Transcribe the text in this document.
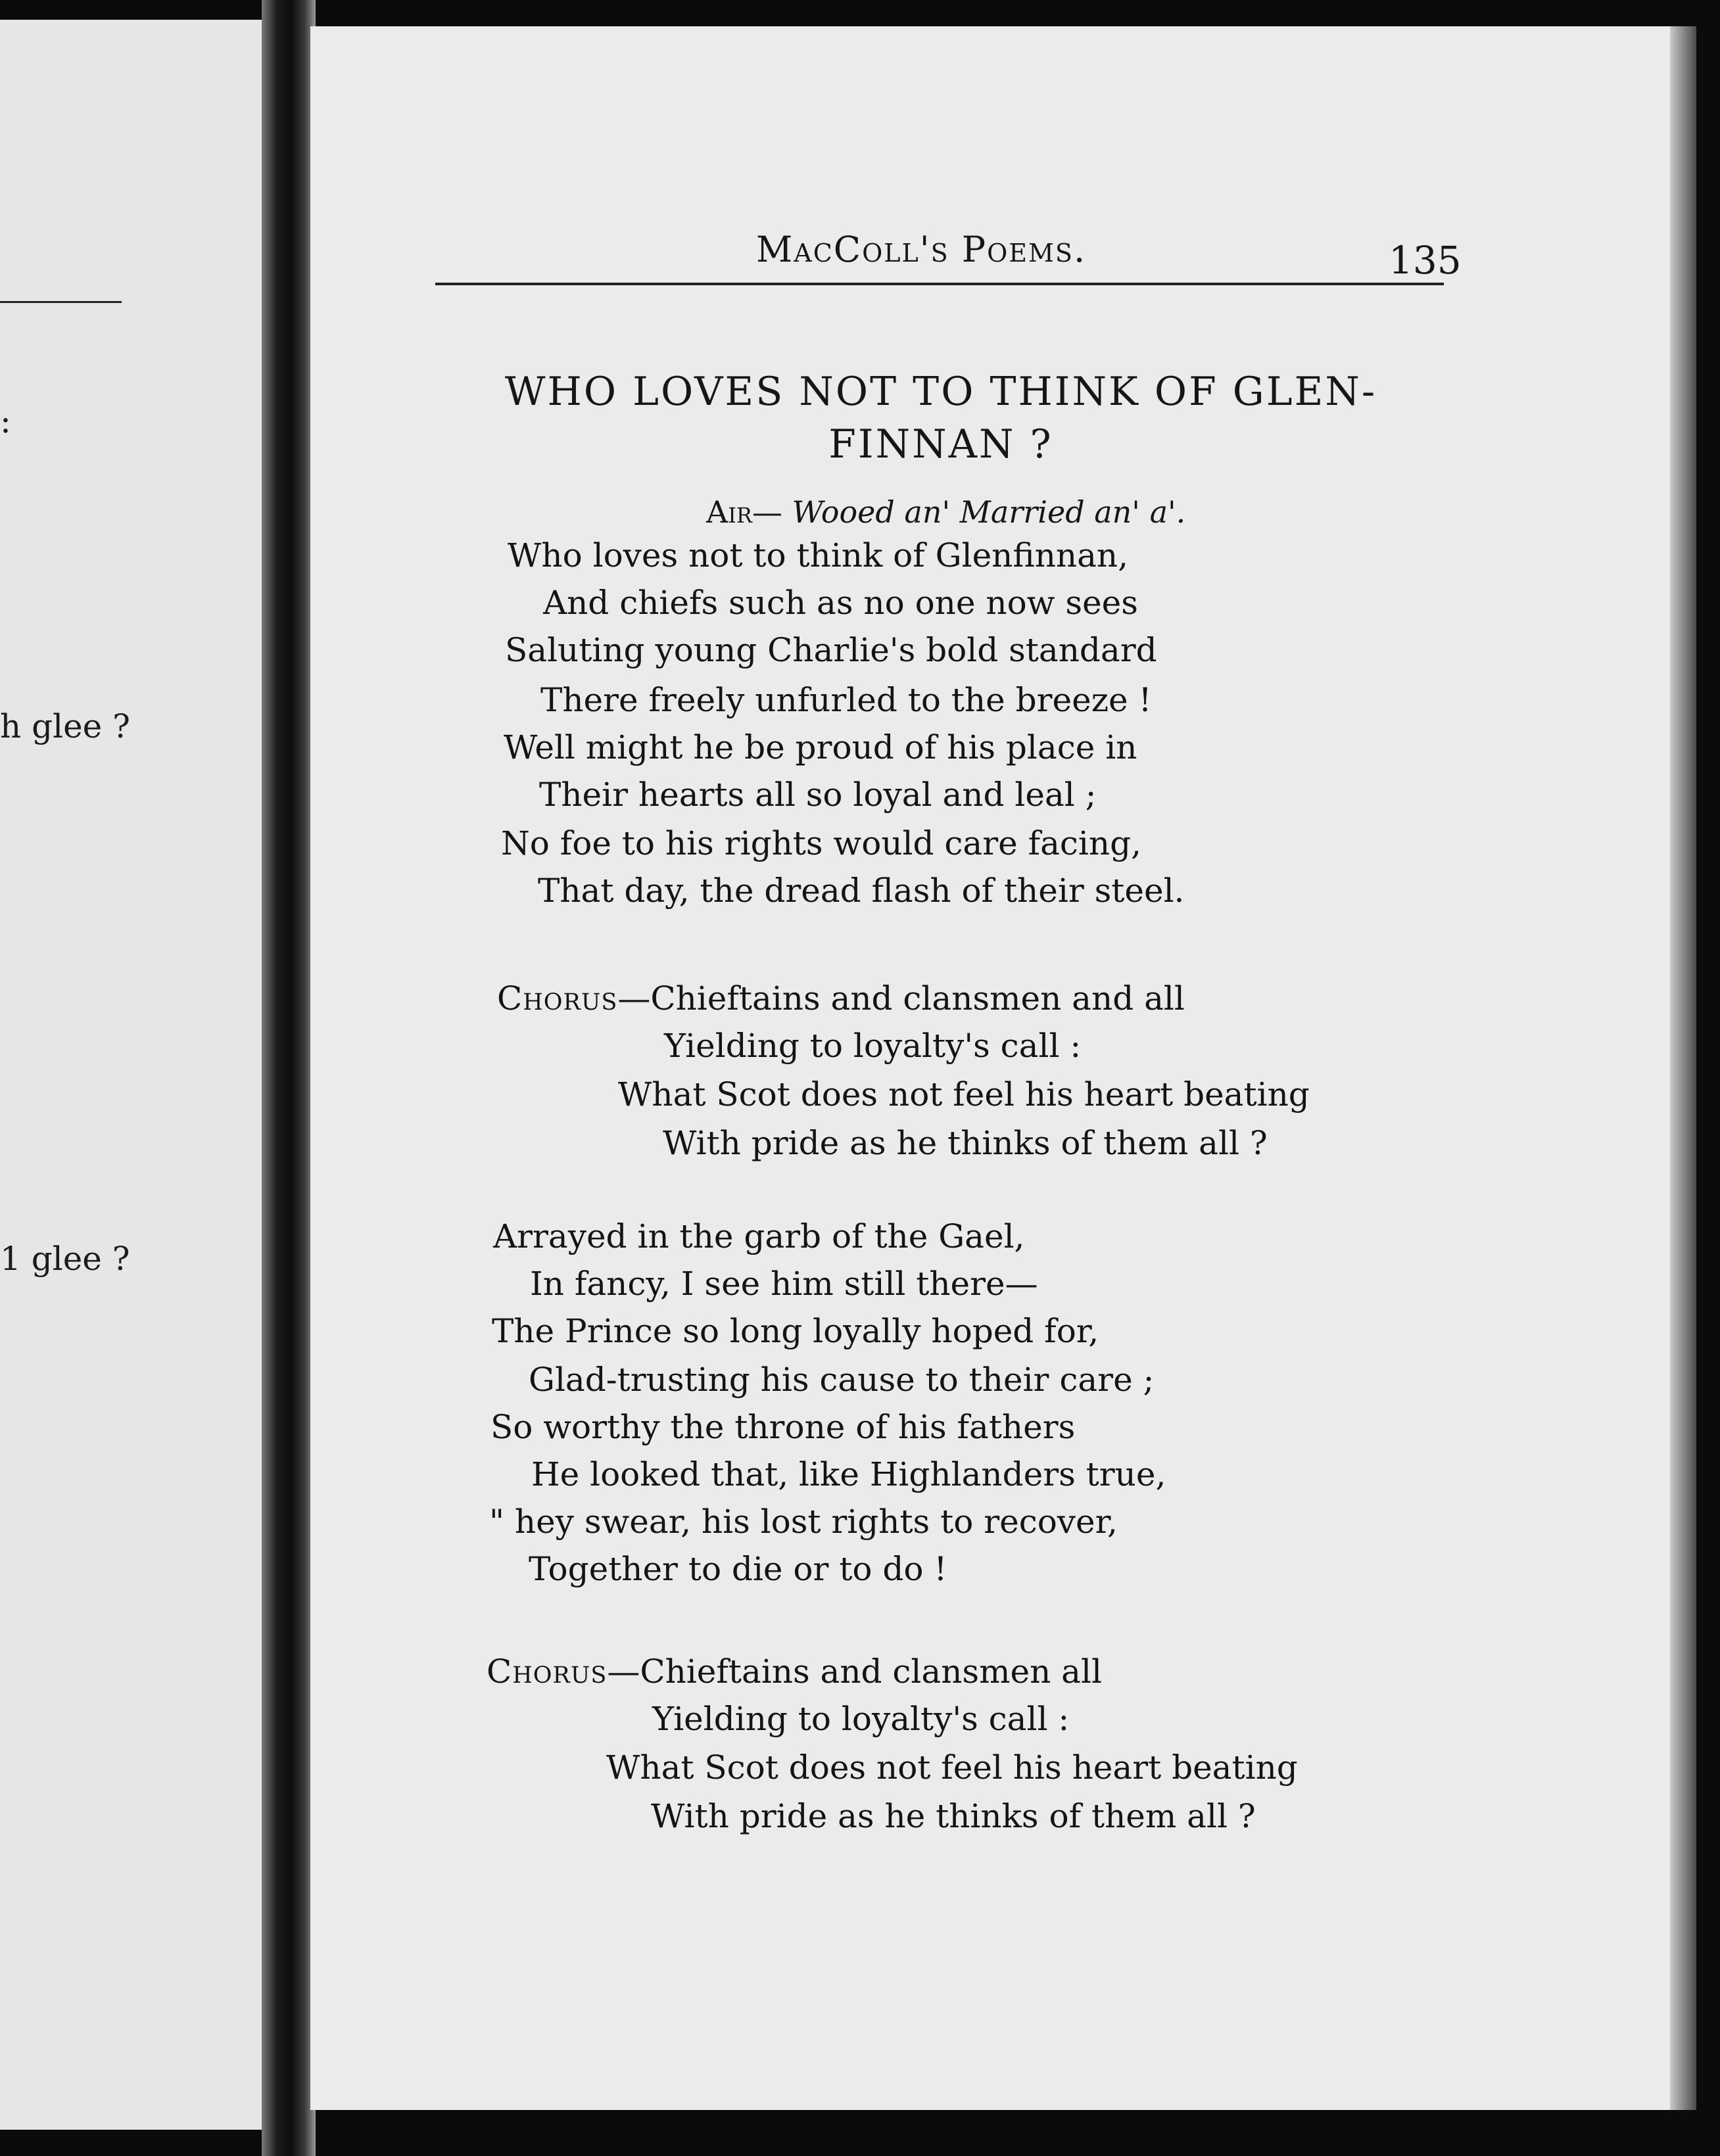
:
h glee ?
1 glee ?
MacColl's Poems.	135
WHO LOVES NOT TO THINK OF GLEN-
FINNAN ?
Air— Wooed an' Married an' a'.
Who loves not to think of Glenfinnan,
And chiefs such as no one now sees
Saluting young Charlie's bold standard
There freely unfurled to the breeze !
Well might he be proud of his place in
Their hearts all so loyal and leal ;
No foe to his rights would care facing,
That day, the dread flash of their steel.
Chorus—Chieftains and clansmen and all
Yielding to loyalty's call :
What Scot does not feel his heart beating
With pride as he thinks of them all ?
Arrayed in the garb of the Gael,
In fancy, I see him still there—
The Prince so long loyally hoped for,
Glad-trusting his cause to their care ;
So worthy the throne of his fathers
He looked that, like Highlanders true,
" hey swear, his lost rights to recover,
Together to die or to do !
Chorus—Chieftains and clansmen all
Yielding to loyalty's call :
What Scot does not feel his heart beating
With pride as he thinks of them all ?
